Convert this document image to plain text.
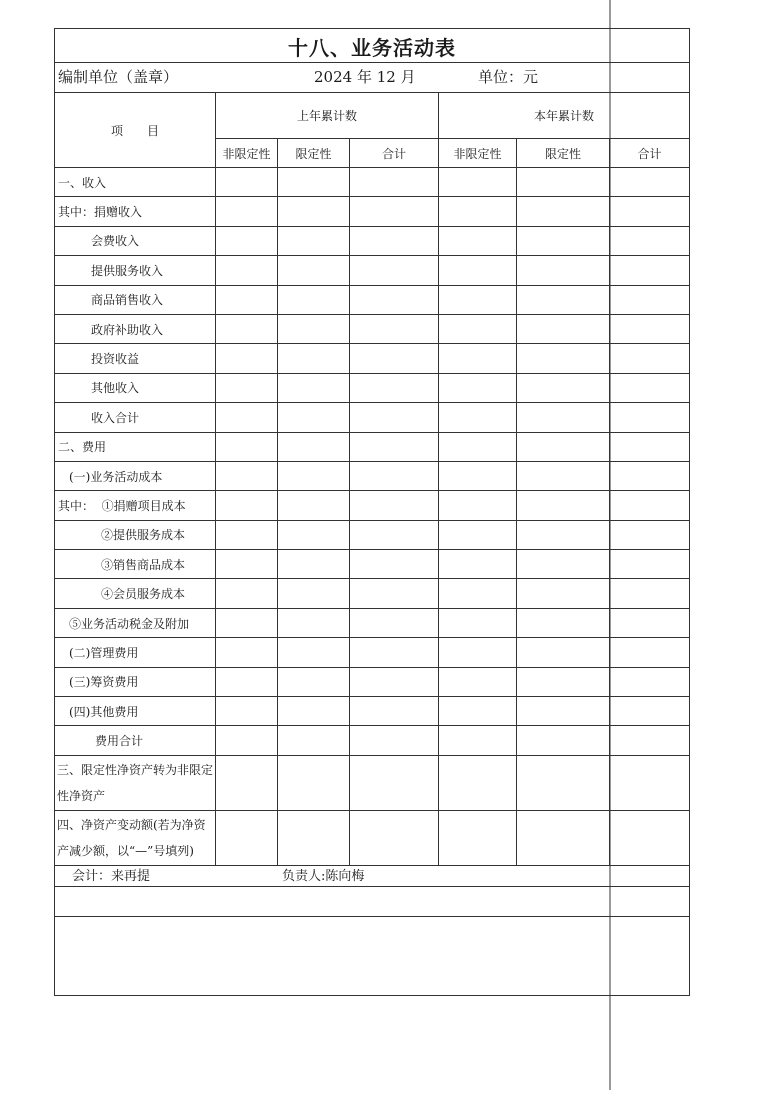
十八、业务活动表
编制单位（盖章）	2024 年 12 月	单位：元
项　　目	上年累计数			本年累计数		
	非限定性	限定性	合计	非限定性	限定性	合计
一、收入						
其中：捐赠收入						
会费收入						
提供服务收入						
商品销售收入						
政府补助收入						
投资收益						
其他收入						
收入合计						
二、费用						
(一)业务活动成本						
其中：  ①捐赠项目成本						
②提供服务成本						
③销售商品成本						
④会员服务成本						
⑤业务活动税金及附加						
(二)管理费用						
(三)筹资费用						
(四)其他费用						
费用合计						
三、限定性净资产转为非限定性净资产						
四、净资产变动额(若为净资产减少额，以“—”号填列)						
会计：来再提	负责人:陈向梅
